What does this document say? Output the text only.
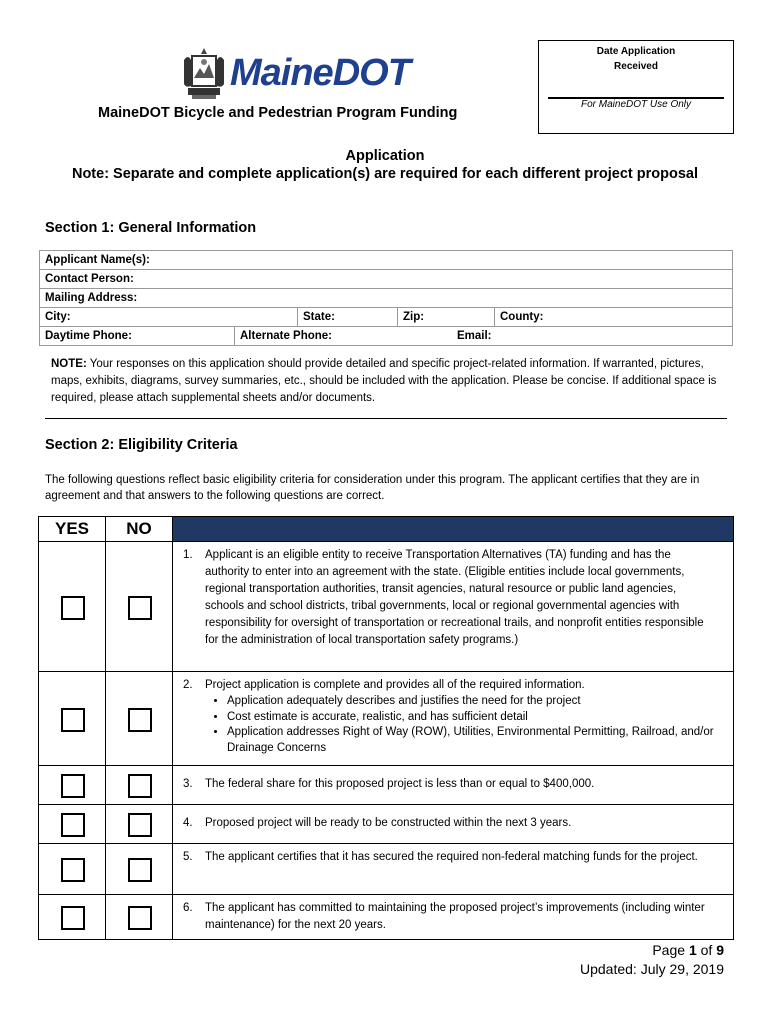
MaineDOT
MaineDOT Bicycle and Pedestrian Program Funding
Date Application
Received
For MaineDOT Use Only
Application
Note: Separate and complete application(s) are required for each different project proposal
Section 1: General Information
Applicant Name(s):
Contact Person:
Mailing Address:
City:	State:	Zip:	County:
Daytime Phone:	Alternate Phone:	Email:
NOTE: Your responses on this application should provide detailed and specific project-related information. If warranted, pictures, maps, exhibits, diagrams, survey summaries, etc., should be included with the application. Please be concise. If additional space is required, please attach supplemental sheets and/or documents.
Section 2: Eligibility Criteria
The following questions reflect basic eligibility criteria for consideration under this program. The applicant certifies that they are in agreement and that answers to the following questions are correct.
YES	NO
1. Applicant is an eligible entity to receive Transportation Alternatives (TA) funding and has the authority to enter into an agreement with the state. (Eligible entities include local governments, regional transportation authorities, transit agencies, natural resource or public land agencies, schools and school districts, tribal governments, local or regional governmental agencies with responsibility for oversight of transportation or recreational trails, and nonprofit entities responsible for the administration of local transportation safety programs.)
2. Project application is complete and provides all of the required information.
• Application adequately describes and justifies the need for the project
• Cost estimate is accurate, realistic, and has sufficient detail
• Application addresses Right of Way (ROW), Utilities, Environmental Permitting, Railroad, and/or Drainage Concerns
3. The federal share for this proposed project is less than or equal to $400,000.
4. Proposed project will be ready to be constructed within the next 3 years.
5. The applicant certifies that it has secured the required non-federal matching funds for the project.
6. The applicant has committed to maintaining the proposed project’s improvements (including winter maintenance) for the next 20 years.
Page 1 of 9
Updated: July 29, 2019
